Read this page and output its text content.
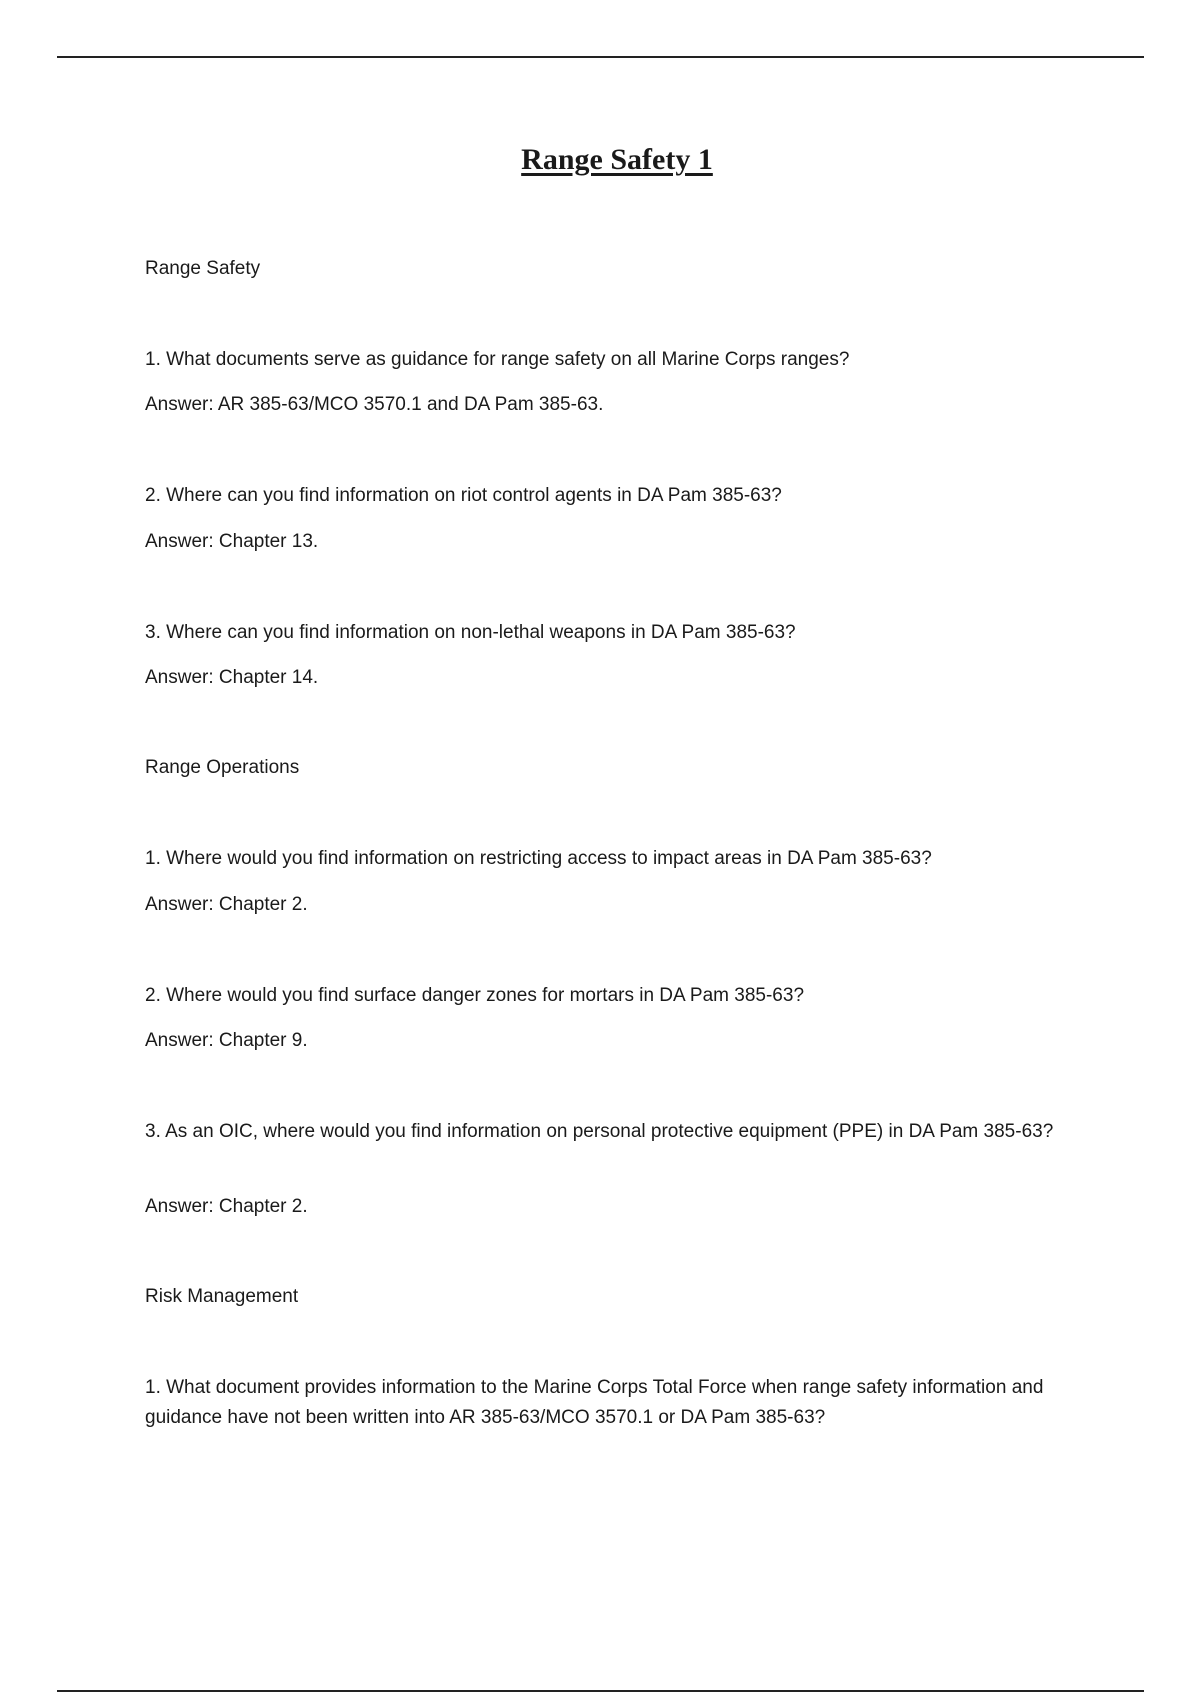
Range Safety 1

Range Safety

1. What documents serve as guidance for range safety on all Marine Corps ranges?

Answer: AR 385-63/MCO 3570.1 and DA Pam 385-63.

2. Where can you find information on riot control agents in DA Pam 385-63?

Answer: Chapter 13.

3. Where can you find information on non-lethal weapons in DA Pam 385-63?

Answer: Chapter 14.

Range Operations

1. Where would you find information on restricting access to impact areas in DA Pam 385-63?

Answer: Chapter 2.

2. Where would you find surface danger zones for mortars in DA Pam 385-63?

Answer: Chapter 9.

3. As an OIC, where would you find information on personal protective equipment (PPE) in DA Pam 385-63?

Answer: Chapter 2.

Risk Management

1. What document provides information to the Marine Corps Total Force when range safety information and guidance have not been written into AR 385-63/MCO 3570.1 or DA Pam 385-63?
